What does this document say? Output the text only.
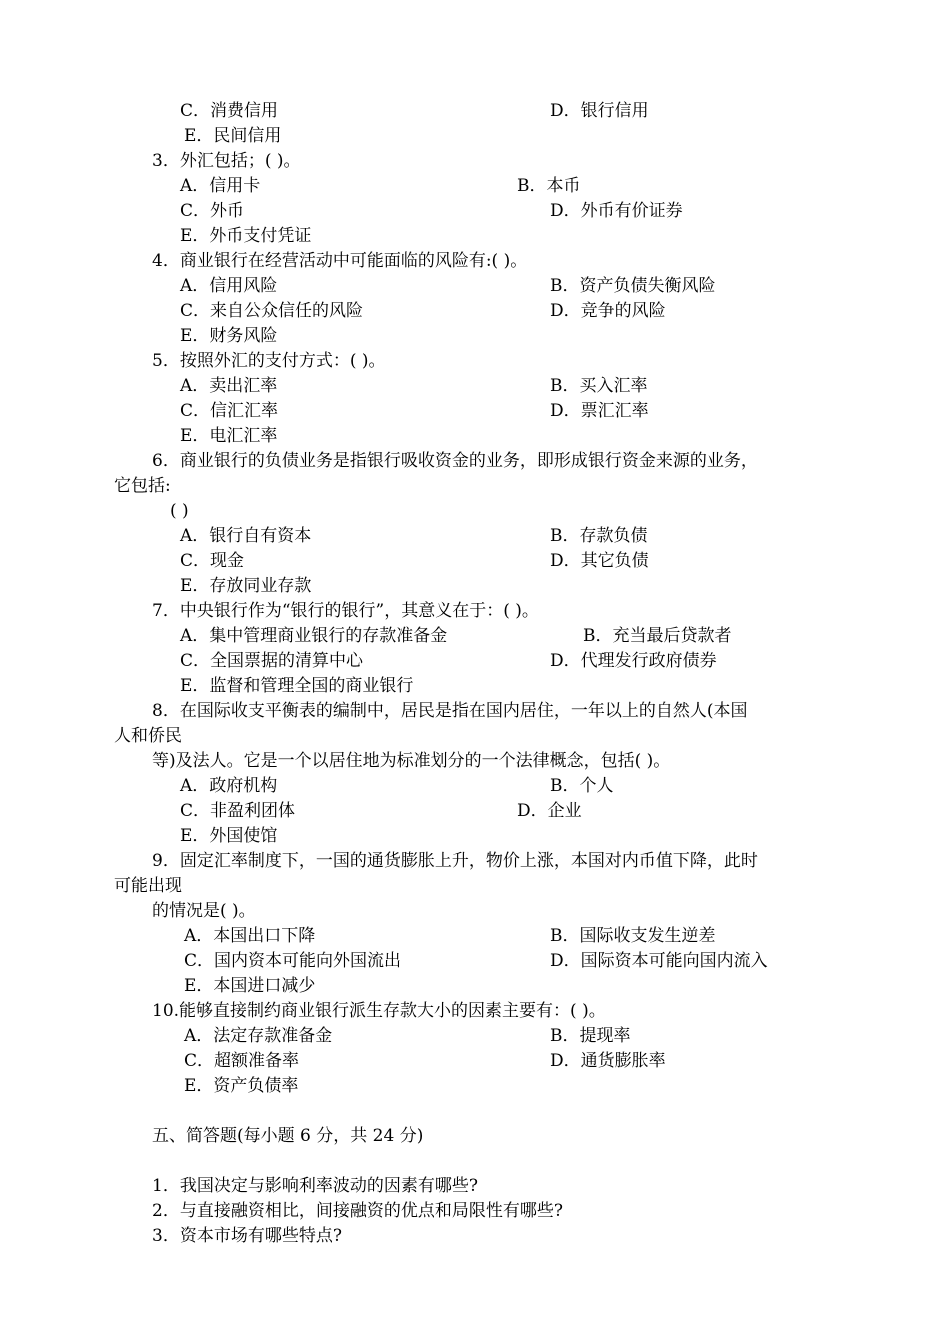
C．消费信用	D．银行信用
E．民间信用
3．外汇包括；( )。
A．信用卡	B．本币
C．外币	D．外币有价证券
E．外币支付凭证
4．商业银行在经营活动中可能面临的风险有:( )。
A．信用风险	B．资产负债失衡风险
C．来自公众信任的风险	D．竞争的风险
E．财务风险
5．按照外汇的支付方式：( )。
A．卖出汇率	B．买入汇率
C．信汇汇率	D．票汇汇率
E．电汇汇率
6．商业银行的负债业务是指银行吸收资金的业务，即形成银行资金来源的业务，
它包括:
( )
A．银行自有资本	B．存款负债
C．现金	D．其它负债
E．存放同业存款
7．中央银行作为“银行的银行”，其意义在于：( )。
A．集中管理商业银行的存款准备金	B．充当最后贷款者
C．全国票据的清算中心	D．代理发行政府债券
E．监督和管理全国的商业银行
8．在国际收支平衡表的编制中，居民是指在国内居住，一年以上的自然人(本国
人和侨民
等)及法人。它是一个以居住地为标准划分的一个法律概念，包括( )。
A．政府机构	B．个人
C．非盈利团体	D．企业
E．外国使馆
9．固定汇率制度下，一国的通货膨胀上升，物价上涨，本国对内币值下降，此时
可能出现
的情况是( )。
A．本国出口下降	B．国际收支发生逆差
C．国内资本可能向外国流出	D．国际资本可能向国内流入
E．本国进口减少
10.能够直接制约商业银行派生存款大小的因素主要有：( )。
A．法定存款准备金	B．提现率
C．超额准备率	D．通货膨胀率
E．资产负债率
五、简答题(每小题 6 分，共 24 分)
1．我国决定与影响利率波动的因素有哪些?
2．与直接融资相比，间接融资的优点和局限性有哪些?
3．资本市场有哪些特点?
